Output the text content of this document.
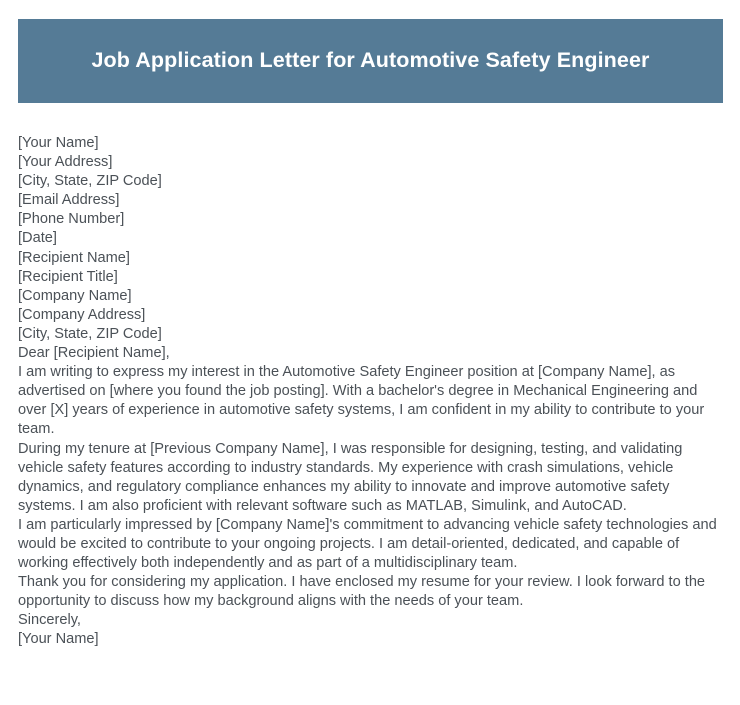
Job Application Letter for Automotive Safety Engineer
[Your Name]
[Your Address]
[City, State, ZIP Code]
[Email Address]
[Phone Number]
[Date]
[Recipient Name]
[Recipient Title]
[Company Name]
[Company Address]
[City, State, ZIP Code]
Dear [Recipient Name],

I am writing to express my interest in the Automotive Safety Engineer position at [Company Name], as advertised on [where you found the job posting]. With a bachelor's degree in Mechanical Engineering and over [X] years of experience in automotive safety systems, I am confident in my ability to contribute to your team.

During my tenure at [Previous Company Name], I was responsible for designing, testing, and validating vehicle safety features according to industry standards. My experience with crash simulations, vehicle dynamics, and regulatory compliance enhances my ability to innovate and improve automotive safety systems. I am also proficient with relevant software such as MATLAB, Simulink, and AutoCAD.

I am particularly impressed by [Company Name]'s commitment to advancing vehicle safety technologies and would be excited to contribute to your ongoing projects. I am detail-oriented, dedicated, and capable of working effectively both independently and as part of a multidisciplinary team.

Thank you for considering my application. I have enclosed my resume for your review. I look forward to the opportunity to discuss how my background aligns with the needs of your team.

Sincerely,
[Your Name]
